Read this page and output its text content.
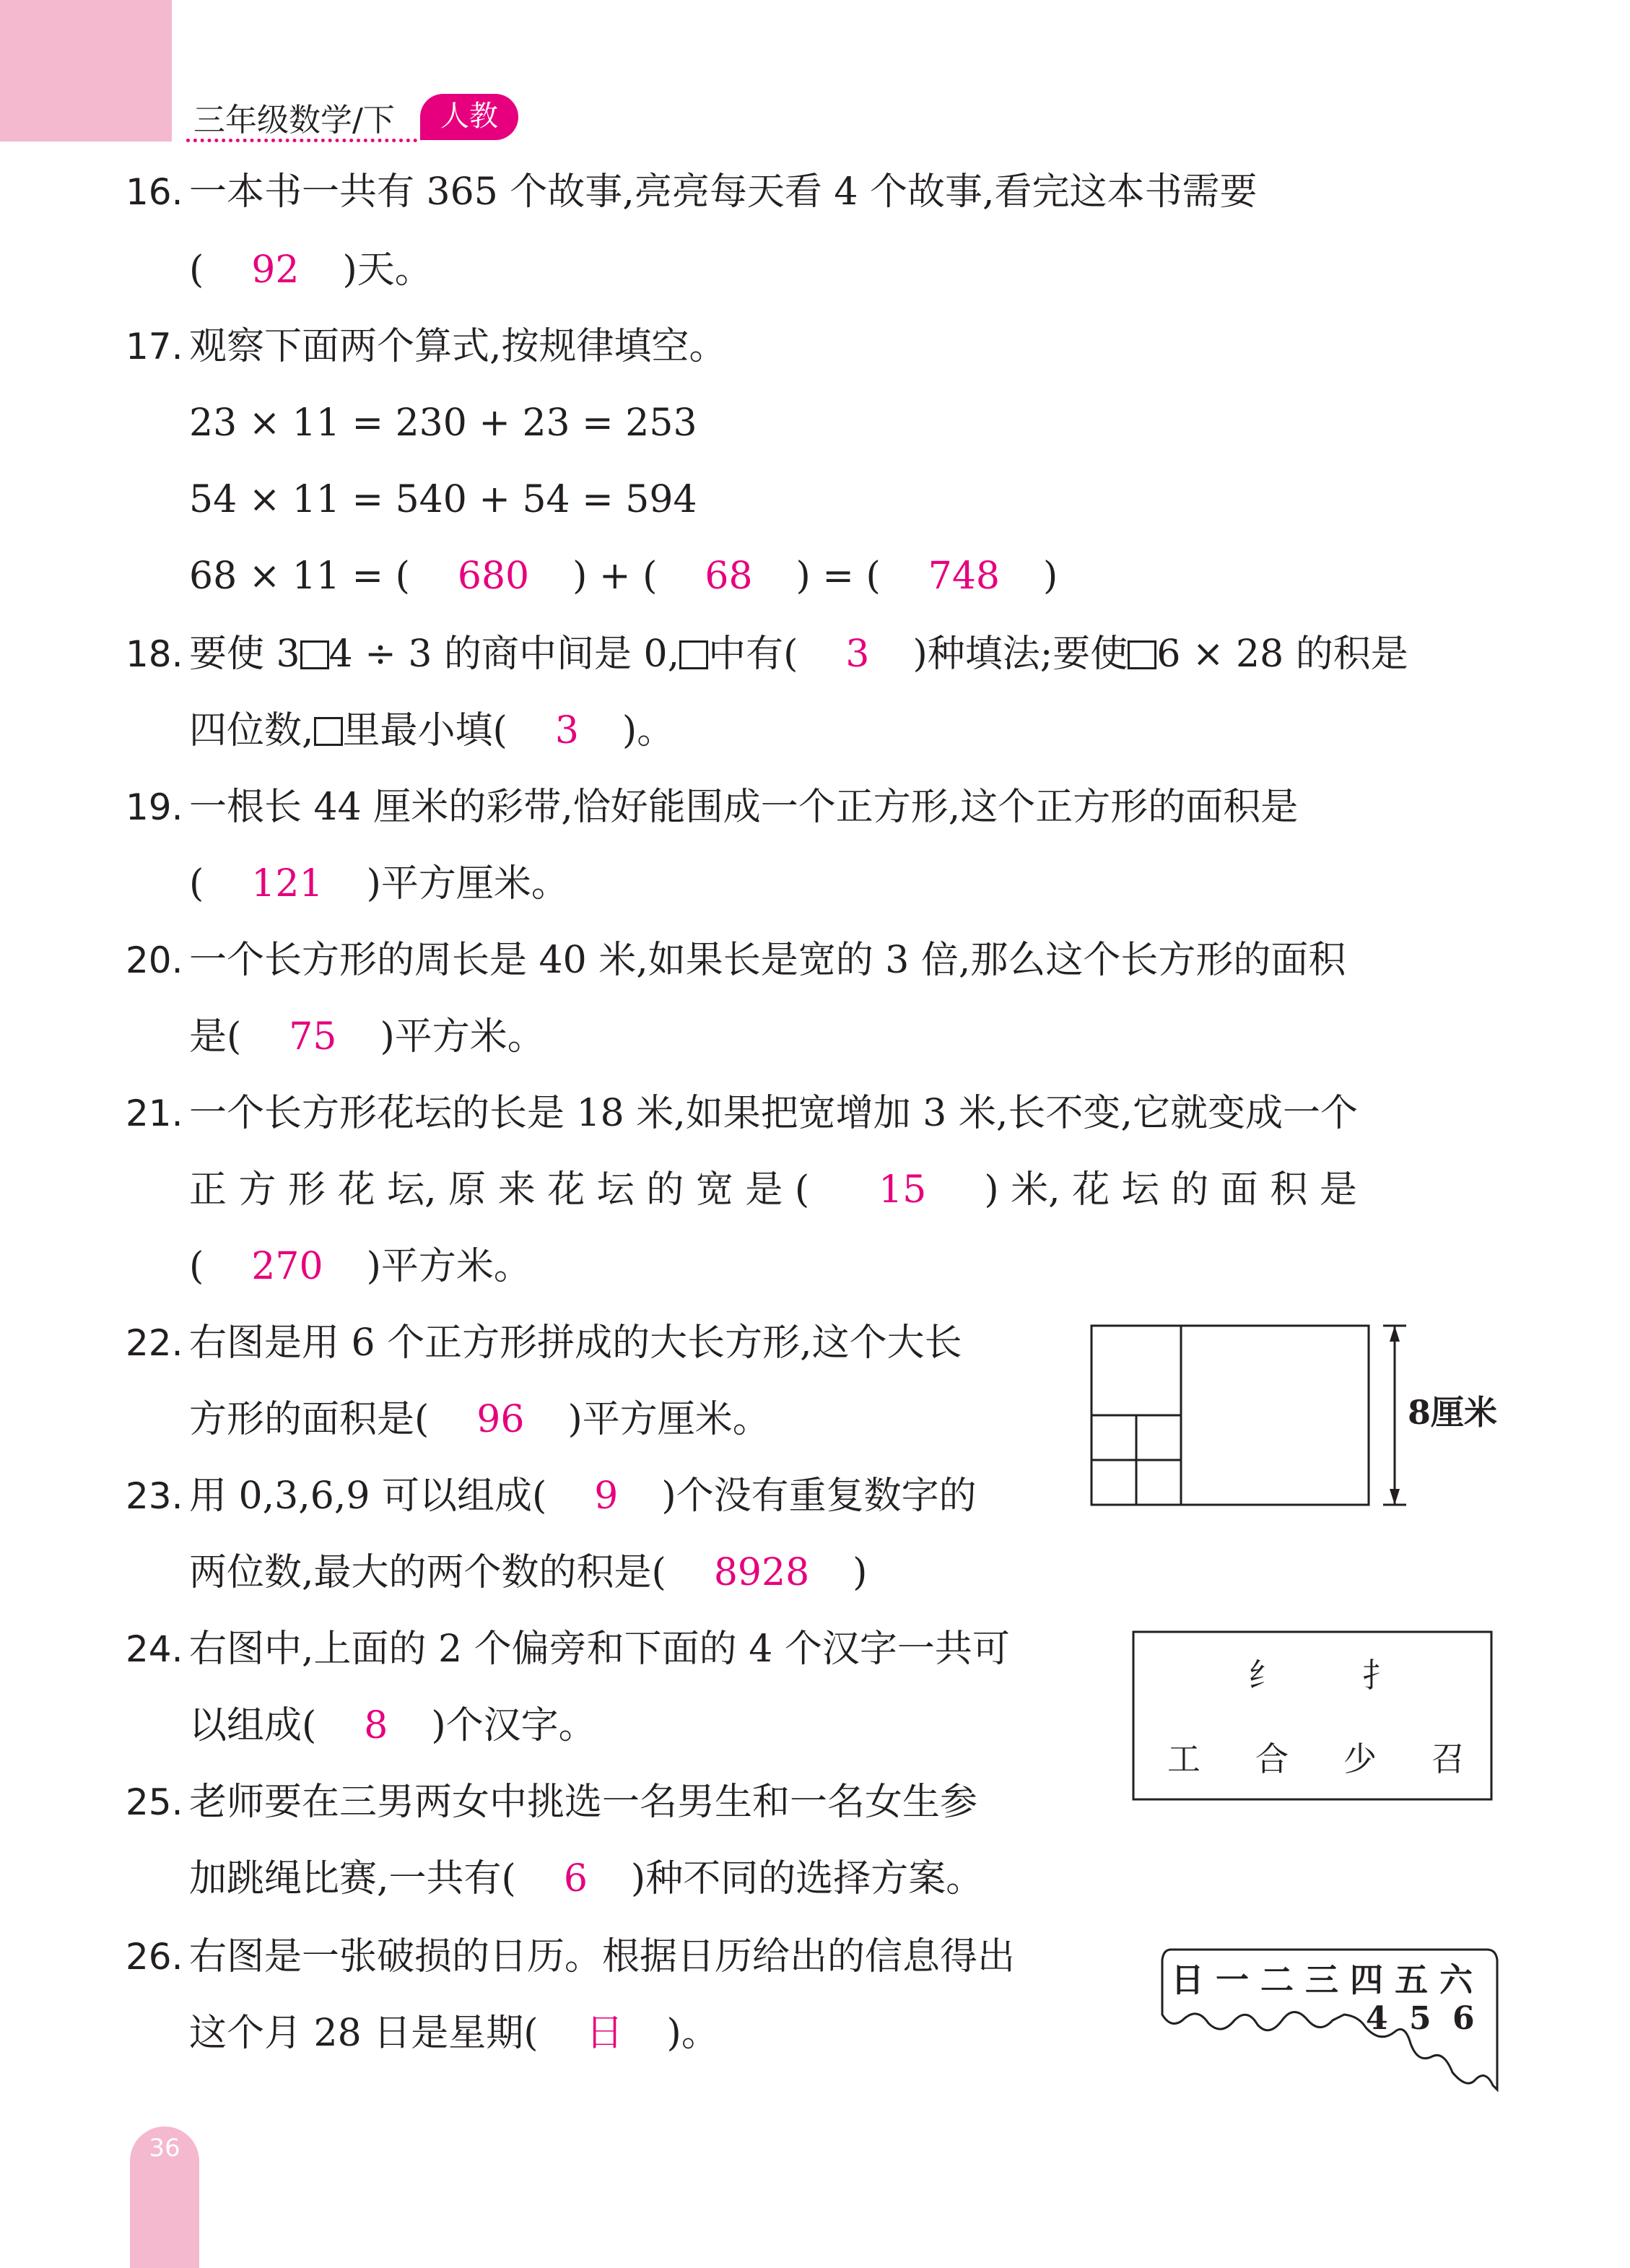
三年级数学/下	人教
16. 一本书一共有 365 个故事,亮亮每天看 4 个故事,看完这本书需要
( 92 )天。
17. 观察下面两个算式,按规律填空。
23 × 11 = 230 + 23 = 253
54 × 11 = 540 + 54 = 594
68 × 11 = ( 680 ) + ( 68 ) = ( 748 )
18. 要使 3 4 ÷ 3 的商中间是 0, 中有( 3 )种填法;要使 6 × 28 的积是
四位数, 里最小填( 3 )。
19. 一根长 44 厘米的彩带,恰好能围成一个正方形,这个正方形的面积是
( 121 )平方厘米。
20. 一个长方形的周长是 40 米,如果长是宽的 3 倍,那么这个长方形的面积
是( 75 )平方米。
21. 一个长方形花坛的长是 18 米,如果把宽增加 3 米,长不变,它就变成一个
正 方 形 花 坛, 原 来 花 坛 的 宽 是 ( 15 ) 米, 花 坛 的 面 积 是
( 270 )平方米。
22. 右图是用 6 个正方形拼成的大长方形,这个大长
方形的面积是( 96 )平方厘米。	8厘米
23. 用 0,3,6,9 可以组成( 9 )个没有重复数字的
两位数,最大的两个数的积是( 8928 )
24. 右图中,上面的 2 个偏旁和下面的 4 个汉字一共可
以组成( 8 )个汉字。
纟 扌
工 合 少 召
25. 老师要在三男两女中挑选一名男生和一名女生参
加跳绳比赛,一共有( 6 )种不同的选择方案。
26. 右图是一张破损的日历。根据日历给出的信息得出
这个月 28 日是星期( 日 )。
日 一 二 三 四 五 六
4 5 6
36
